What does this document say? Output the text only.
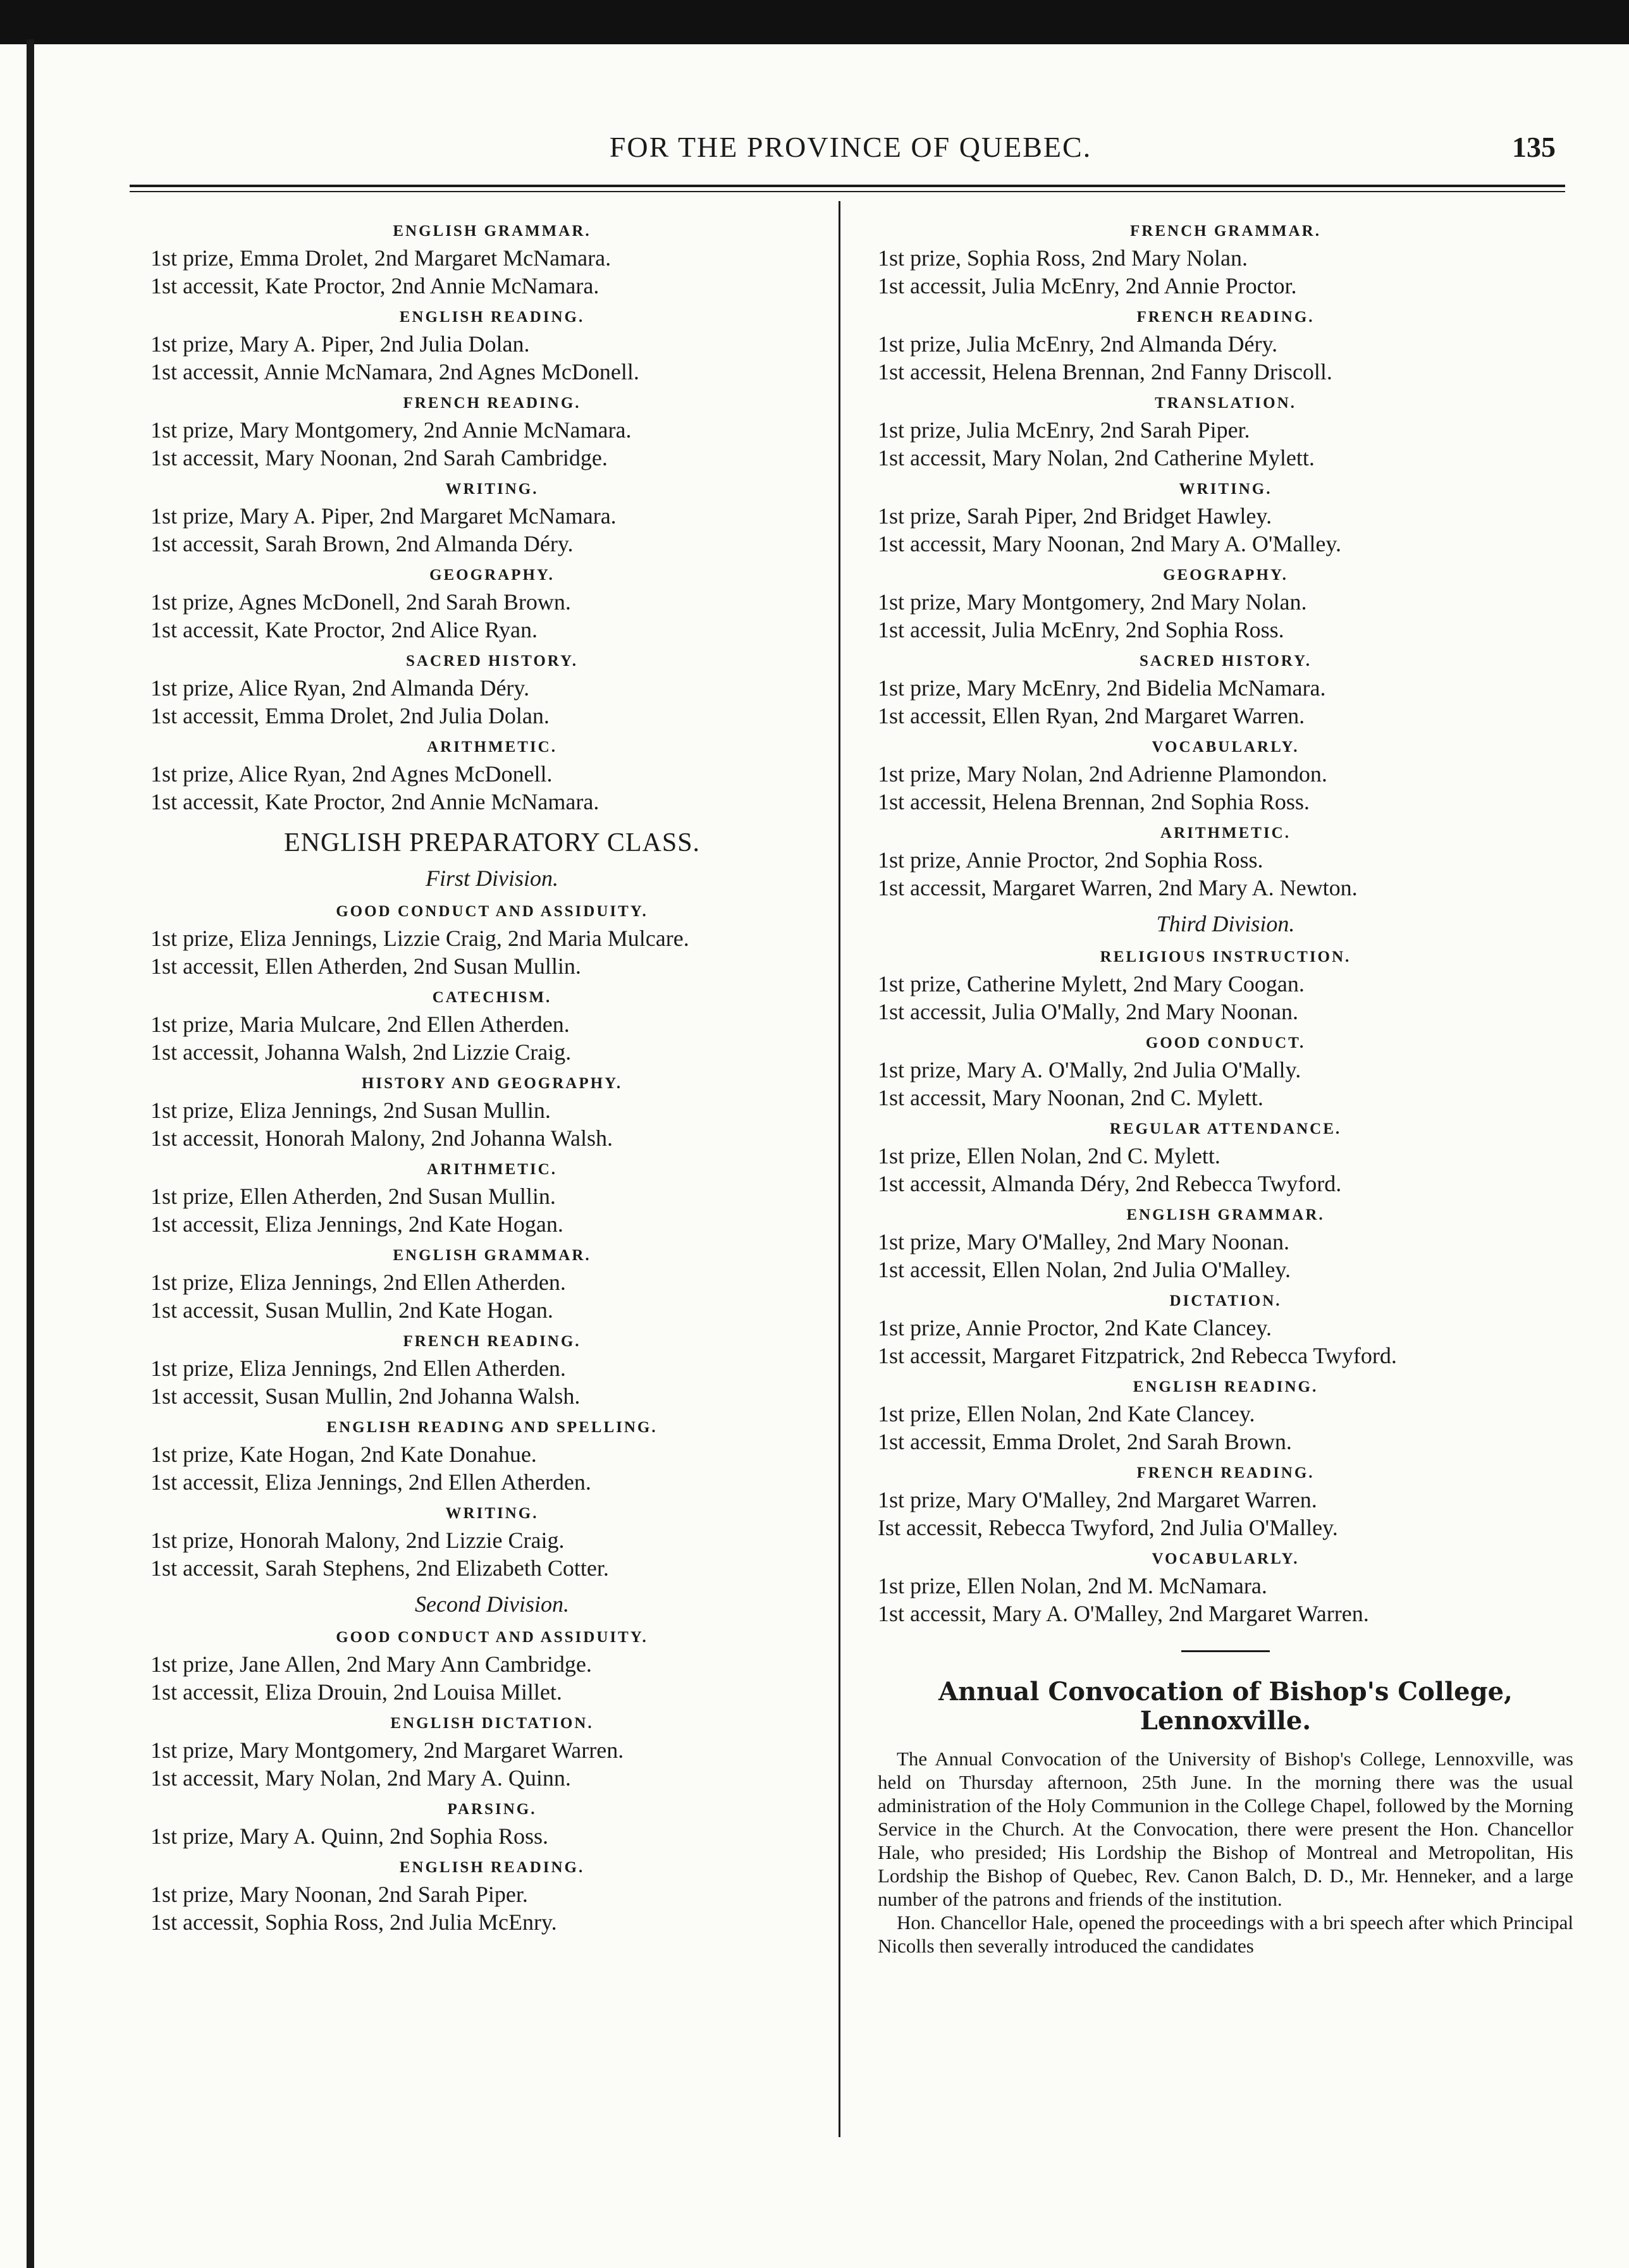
FOR THE PROVINCE OF QUEBEC.	135
ENGLISH GRAMMAR.
1st prize, Emma Drolet, 2nd Margaret McNamara.
1st accessit, Kate Proctor, 2nd Annie McNamara.
ENGLISH READING.
1st prize, Mary A. Piper, 2nd Julia Dolan.
1st accessit, Annie McNamara, 2nd Agnes McDonell.
FRENCH READING.
1st prize, Mary Montgomery, 2nd Annie McNamara.
1st accessit, Mary Noonan, 2nd Sarah Cambridge.
WRITING.
1st prize, Mary A. Piper, 2nd Margaret McNamara.
1st accessit, Sarah Brown, 2nd Almanda Déry.
GEOGRAPHY.
1st prize, Agnes McDonell, 2nd Sarah Brown.
1st accessit, Kate Proctor, 2nd Alice Ryan.
SACRED HISTORY.
1st prize, Alice Ryan, 2nd Almanda Déry.
1st accessit, Emma Drolet, 2nd Julia Dolan.
ARITHMETIC.
1st prize, Alice Ryan, 2nd Agnes McDonell.
1st accessit, Kate Proctor, 2nd Annie McNamara.
ENGLISH PREPARATORY CLASS.
First Division.
GOOD CONDUCT AND ASSIDUITY.
1st prize, Eliza Jennings, Lizzie Craig, 2nd Maria Mulcare.
1st accessit, Ellen Atherden, 2nd Susan Mullin.
CATECHISM.
1st prize, Maria Mulcare, 2nd Ellen Atherden.
1st accessit, Johanna Walsh, 2nd Lizzie Craig.
HISTORY AND GEOGRAPHY.
1st prize, Eliza Jennings, 2nd Susan Mullin.
1st accessit, Honorah Malony, 2nd Johanna Walsh.
ARITHMETIC.
1st prize, Ellen Atherden, 2nd Susan Mullin.
1st accessit, Eliza Jennings, 2nd Kate Hogan.
ENGLISH GRAMMAR.
1st prize, Eliza Jennings, 2nd Ellen Atherden.
1st accessit, Susan Mullin, 2nd Kate Hogan.
FRENCH READING.
1st prize, Eliza Jennings, 2nd Ellen Atherden.
1st accessit, Susan Mullin, 2nd Johanna Walsh.
ENGLISH READING AND SPELLING.
1st prize, Kate Hogan, 2nd Kate Donahue.
1st accessit, Eliza Jennings, 2nd Ellen Atherden.
WRITING.
1st prize, Honorah Malony, 2nd Lizzie Craig.
1st accessit, Sarah Stephens, 2nd Elizabeth Cotter.
Second Division.
GOOD CONDUCT AND ASSIDUITY.
1st prize, Jane Allen, 2nd Mary Ann Cambridge.
1st accessit, Eliza Drouin, 2nd Louisa Millet.
ENGLISH DICTATION.
1st prize, Mary Montgomery, 2nd Margaret Warren.
1st accessit, Mary Nolan, 2nd Mary A. Quinn.
PARSING.
1st prize, Mary A. Quinn, 2nd Sophia Ross.
ENGLISH READING.
1st prize, Mary Noonan, 2nd Sarah Piper.
1st accessit, Sophia Ross, 2nd Julia McEnry.
FRENCH GRAMMAR.
1st prize, Sophia Ross, 2nd Mary Nolan.
1st accessit, Julia McEnry, 2nd Annie Proctor.
FRENCH READING.
1st prize, Julia McEnry, 2nd Almanda Déry.
1st accessit, Helena Brennan, 2nd Fanny Driscoll.
TRANSLATION.
1st prize, Julia McEnry, 2nd Sarah Piper.
1st accessit, Mary Nolan, 2nd Catherine Mylett.
WRITING.
1st prize, Sarah Piper, 2nd Bridget Hawley.
1st accessit, Mary Noonan, 2nd Mary A. O'Malley.
GEOGRAPHY.
1st prize, Mary Montgomery, 2nd Mary Nolan.
1st accessit, Julia McEnry, 2nd Sophia Ross.
SACRED HISTORY.
1st prize, Mary McEnry, 2nd Bidelia McNamara.
1st accessit, Ellen Ryan, 2nd Margaret Warren.
VOCABULARLY.
1st prize, Mary Nolan, 2nd Adrienne Plamondon.
1st accessit, Helena Brennan, 2nd Sophia Ross.
ARITHMETIC.
1st prize, Annie Proctor, 2nd Sophia Ross.
1st accessit, Margaret Warren, 2nd Mary A. Newton.
Third Division.
RELIGIOUS INSTRUCTION.
1st prize, Catherine Mylett, 2nd Mary Coogan.
1st accessit, Julia O'Mally, 2nd Mary Noonan.
GOOD CONDUCT.
1st prize, Mary A. O'Mally, 2nd Julia O'Mally.
1st accessit, Mary Noonan, 2nd C. Mylett.
REGULAR ATTENDANCE.
1st prize, Ellen Nolan, 2nd C. Mylett.
1st accessit, Almanda Déry, 2nd Rebecca Twyford.
ENGLISH GRAMMAR.
1st prize, Mary O'Malley, 2nd Mary Noonan.
1st accessit, Ellen Nolan, 2nd Julia O'Malley.
DICTATION.
1st prize, Annie Proctor, 2nd Kate Clancey.
1st accessit, Margaret Fitzpatrick, 2nd Rebecca Twyford.
ENGLISH READING.
1st prize, Ellen Nolan, 2nd Kate Clancey.
1st accessit, Emma Drolet, 2nd Sarah Brown.
FRENCH READING.
1st prize, Mary O'Malley, 2nd Margaret Warren.
Ist accessit, Rebecca Twyford, 2nd Julia O'Malley.
VOCABULARLY.
1st prize, Ellen Nolan, 2nd M. McNamara.
1st accessit, Mary A. O'Malley, 2nd Margaret Warren.
Annual Convocation of Bishop's College,
Lennoxville.

The Annual Convocation of the University of Bishop's College, Lennoxville, was held on Thursday afternoon, 25th June. In the morning there was the usual administration of the Holy Communion in the College Chapel, followed by the Morning Service in the Church. At the Convocation, there were present the Hon. Chancellor Hale, who presided; His Lordship the Bishop of Montreal and Metropolitan, His Lordship the Bishop of Quebec, Rev. Canon Balch, D. D., Mr. Henneker, and a large number of the patrons and friends of the institution.

Hon. Chancellor Hale, opened the proceedings with a bri speech after which Principal Nicolls then severally introduced the candidates
